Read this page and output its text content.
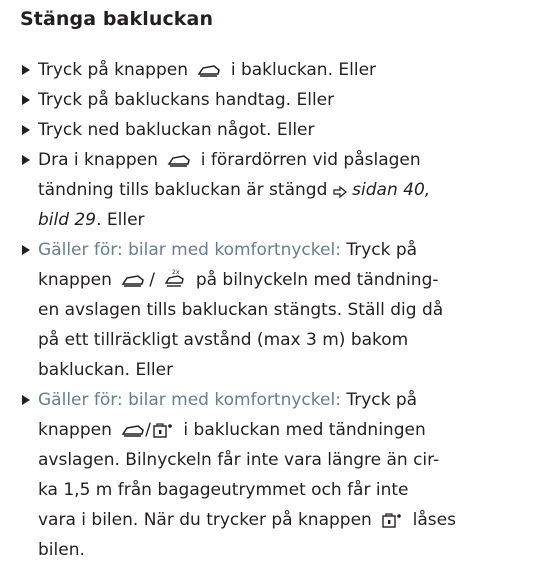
Stänga bakluckan
Tryck på knappen	i bakluckan. Eller
Tryck på bakluckans handtag. Eller
Tryck ned bakluckan något. Eller
Dra i knappen	i förardörren vid påslagen
tändning tills bakluckan är stängd sidan 40,
bild 29. Eller
Gäller för: bilar med komfortnyckel: Tryck på
knappen /	2x på bilnyckeln med tändning-
en avslagen tills bakluckan stängts. Ställ dig då
på ett tillräckligt avstånd (max 3 m) bakom
bakluckan. Eller
Gäller för: bilar med komfortnyckel: Tryck på
knappen / i bakluckan med tändningen
avslagen. Bilnyckeln får inte vara längre än cir-
ka 1,5 m från bagageutrymmet och får inte
vara i bilen. När du trycker på knappen låses
bilen.
